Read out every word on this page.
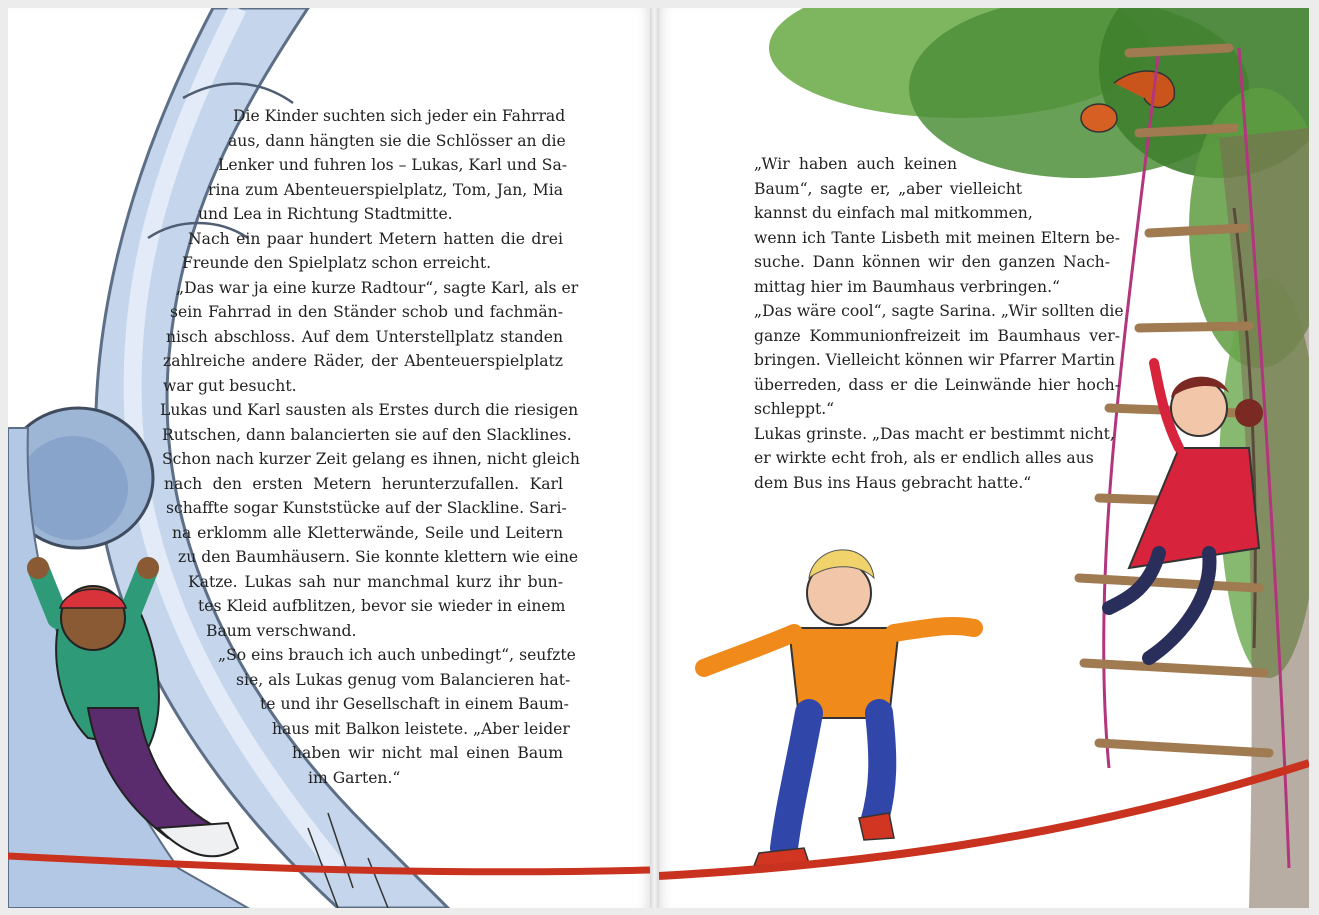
Die Kinder suchten sich jeder ein Fahrrad
aus, dann hängten sie die Schlösser an die
Lenker und fuhren los – Lukas, Karl und Sa-
rina zum Abenteuerspielplatz, Tom, Jan, Mia
und Lea in Richtung Stadtmitte.
Nach ein paar hundert Metern hatten die drei
Freunde den Spielplatz schon erreicht.
„Das war ja eine kurze Radtour“, sagte Karl, als er
sein Fahrrad in den Ständer schob und fachmän-
nisch abschloss. Auf dem Unterstellplatz standen
zahlreiche andere Räder, der Abenteuerspielplatz
war gut besucht.
Lukas und Karl sausten als Erstes durch die riesigen
Rutschen, dann balancierten sie auf den Slacklines.
Schon nach kurzer Zeit gelang es ihnen, nicht gleich
nach den ersten Metern herunterzufallen. Karl
schaffte sogar Kunststücke auf der Slackline. Sari-
na erklomm alle Kletterwände, Seile und Leitern
zu den Baumhäusern. Sie konnte klettern wie eine
Katze. Lukas sah nur manchmal kurz ihr bun-
tes Kleid aufblitzen, bevor sie wieder in einem
Baum verschwand.
„So eins brauch ich auch unbedingt“, seufzte
sie, als Lukas genug vom Balancieren hat-
te und ihr Gesellschaft in einem Baum-
haus mit Balkon leistete. „Aber leider
haben wir nicht mal einen Baum
im Garten.“
„Wir haben auch keinen
Baum“, sagte er, „aber vielleicht
kannst du einfach mal mitkommen,
wenn ich Tante Lisbeth mit meinen Eltern be-
suche. Dann können wir den ganzen Nach-
mittag hier im Baumhaus verbringen.“
„Das wäre cool“, sagte Sarina. „Wir sollten die
ganze Kommunionfreizeit im Baumhaus ver-
bringen. Vielleicht können wir Pfarrer Martin
überreden, dass er die Leinwände hier hoch-
schleppt.“
Lukas grinste. „Das macht er bestimmt nicht,
er wirkte echt froh, als er endlich alles aus
dem Bus ins Haus gebracht hatte.“
